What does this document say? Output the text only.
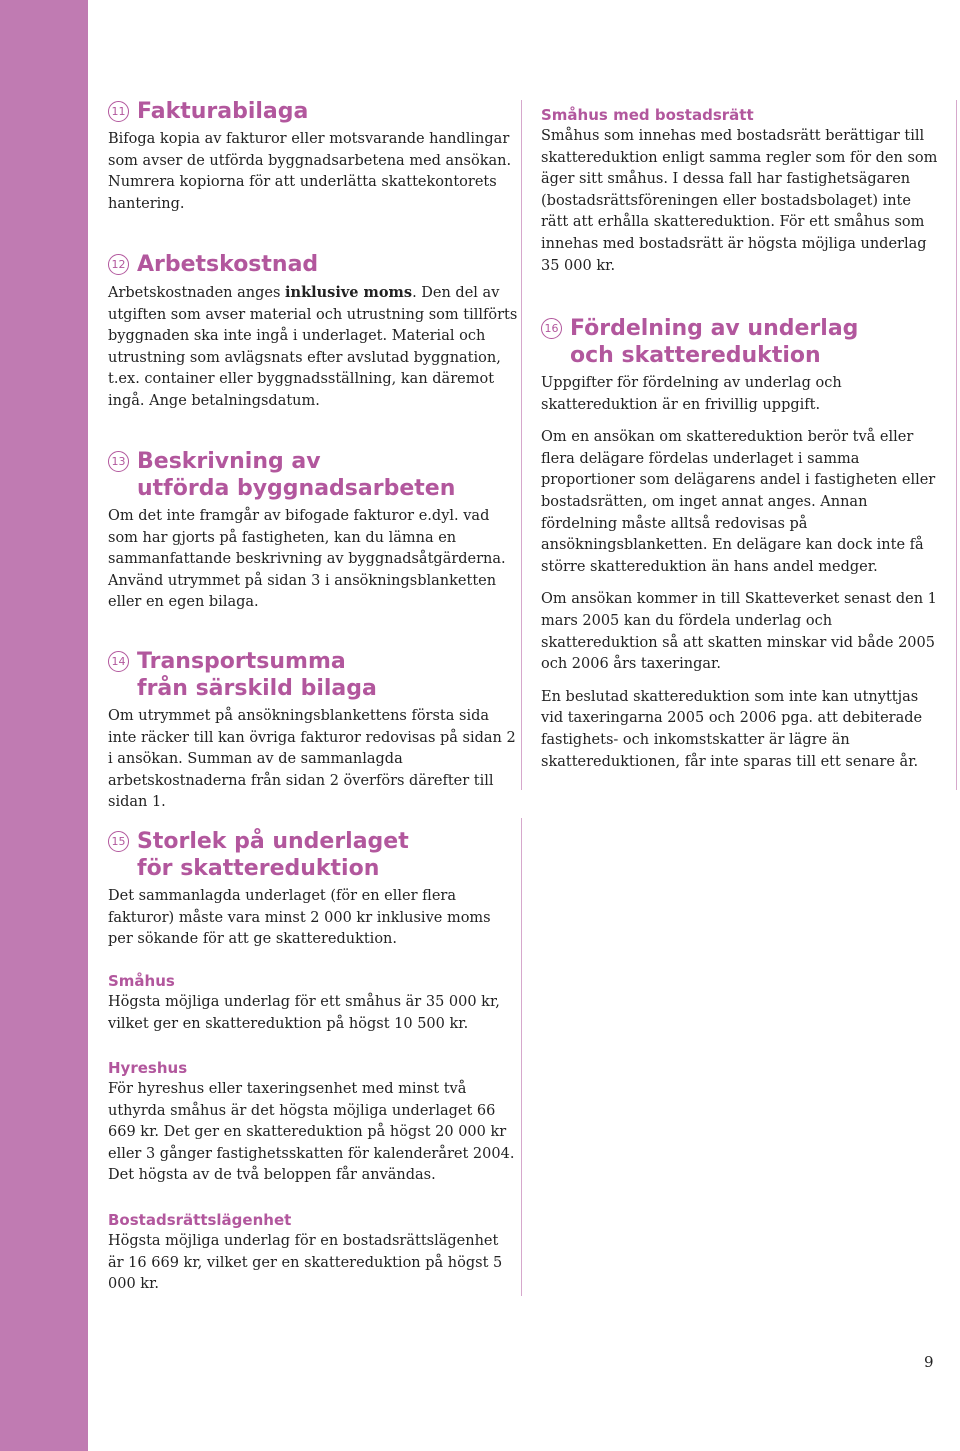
11 Fakturabilaga

Bifoga kopia av fakturor eller motsvarande handlingar som avser de utförda byggnadsarbetena med ansökan. Numrera kopiorna för att underlätta skattekontorets hantering.

12 Arbetskostnad

Arbetskostnaden anges inklusive moms. Den del av utgiften som avser material och utrustning som tillförts byggnaden ska inte ingå i underlaget. Material och utrustning som avlägsnats efter avslutad byggnation, t.ex. container eller byggnadsställning, kan däremot ingå. Ange betalningsdatum.

13 Beskrivning av
utförda byggnadsarbeten

Om det inte framgår av bifogade fakturor e.dyl. vad som har gjorts på fastigheten, kan du lämna en sammanfattande beskrivning av byggnadsåtgärderna. Använd utrymmet på sidan 3 i ansökningsblanketten eller en egen bilaga.

14 Transportsumma
från särskild bilaga

Om utrymmet på ansökningsblankettens första sida inte räcker till kan övriga fakturor redovisas på sidan 2 i ansökan. Summan av de sammanlagda arbetskostnaderna från sidan 2 överförs därefter till sidan 1.

15 Storlek på underlaget
för skattereduktion

Det sammanlagda underlaget (för en eller flera fakturor) måste vara minst 2 000 kr inklusive moms per sökande för att ge skattereduktion.

Småhus

Högsta möjliga underlag för ett småhus är 35 000 kr, vilket ger en skattereduktion på högst 10 500 kr.

Hyreshus

För hyreshus eller taxeringsenhet med minst två uthyrda småhus är det högsta möjliga underlaget 66 669 kr. Det ger en skattereduktion på högst 20 000 kr eller 3 gånger fastighetsskatten för kalenderåret 2004. Det högsta av de två beloppen får användas.

Bostadsrättslägenhet

Högsta möjliga underlag för en bostadsrättslägenhet är 16 669 kr, vilket ger en skattereduktion på högst 5 000 kr.

Småhus med bostadsrätt

Småhus som innehas med bostadsrätt berättigar till skattereduktion enligt samma regler som för den som äger sitt småhus. I dessa fall har fastighetsägaren (bostadsrättsföreningen eller bostadsbolaget) inte rätt att erhålla skattereduktion. För ett småhus som innehas med bostadsrätt är högsta möjliga underlag 35 000 kr.

16 Fördelning av underlag
och skattereduktion

Uppgifter för fördelning av underlag och skattereduktion är en frivillig uppgift.

Om en ansökan om skattereduktion berör två eller flera delägare fördelas underlaget i samma proportioner som delägarens andel i fastigheten eller bostadsrätten, om inget annat anges. Annan fördelning måste alltså redovisas på ansökningsblanketten. En delägare kan dock inte få större skattereduktion än hans andel medger.

Om ansökan kommer in till Skatteverket senast den 1 mars 2005 kan du fördela underlag och skattereduktion så att skatten minskar vid både 2005 och 2006 års taxeringar.

En beslutad skattereduktion som inte kan utnyttjas vid taxeringarna 2005 och 2006 pga. att debiterade fastighets- och inkomstskatter är lägre än skattereduktionen, får inte sparas till ett senare år.

9
